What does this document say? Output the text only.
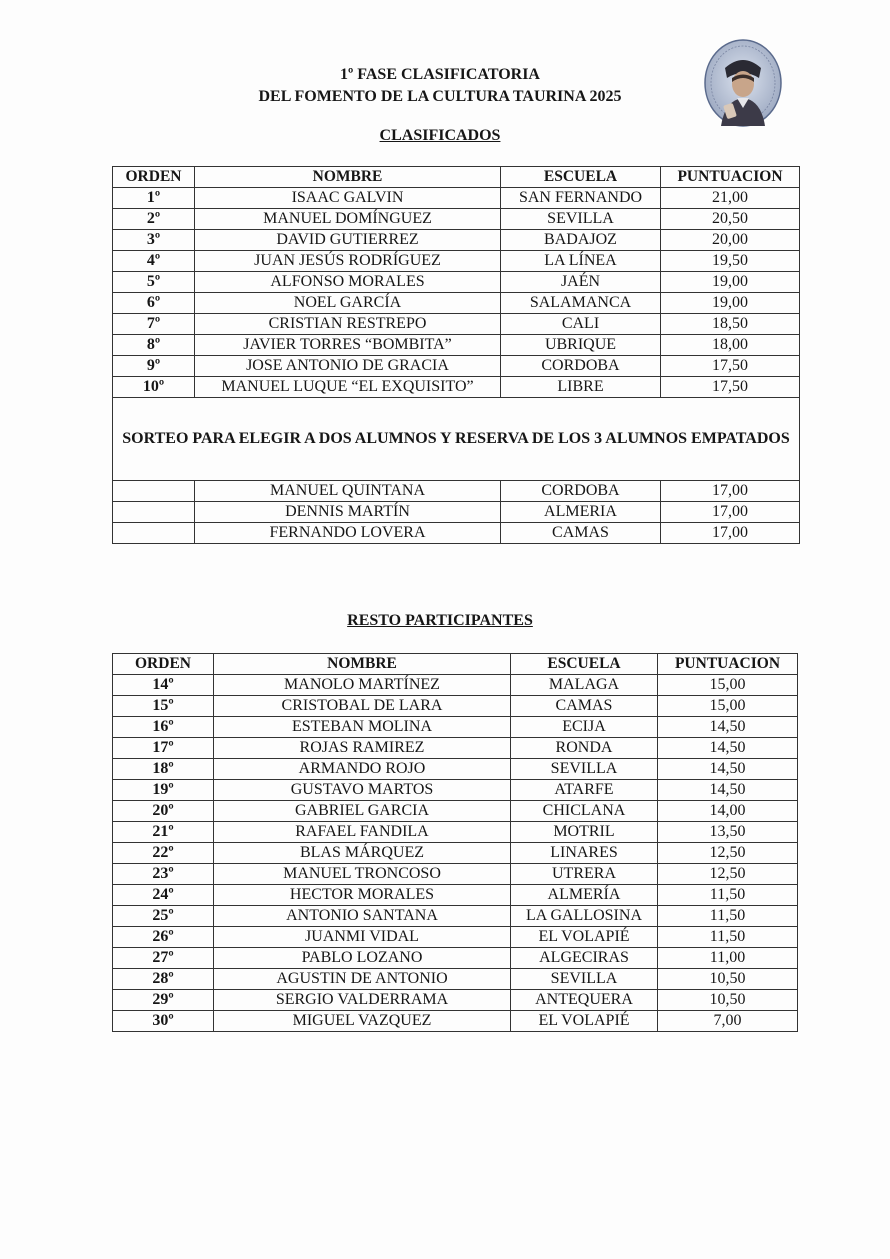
1º FASE CLASIFICATORIA
DEL FOMENTO DE LA CULTURA TAURINA 2025
CLASIFICADOS
ORDEN	NOMBRE	ESCUELA	PUNTUACION
1º	ISAAC GALVIN	SAN FERNANDO	21,00
2º	MANUEL DOMÍNGUEZ	SEVILLA	20,50
3º	DAVID GUTIERREZ	BADAJOZ	20,00
4º	JUAN JESÚS RODRÍGUEZ	LA LÍNEA	19,50
5º	ALFONSO MORALES	JAÉN	19,00
6º	NOEL GARCÍA	SALAMANCA	19,00
7º	CRISTIAN RESTREPO	CALI	18,50
8º	JAVIER TORRES “BOMBITA”	UBRIQUE	18,00
9º	JOSE ANTONIO DE GRACIA	CORDOBA	17,50
10º	MANUEL LUQUE “EL EXQUISITO”	LIBRE	17,50
SORTEO PARA ELEGIR A DOS ALUMNOS Y RESERVA DE LOS 3 ALUMNOS EMPATADOS			
	MANUEL QUINTANA	CORDOBA	17,00
	DENNIS MARTÍN	ALMERIA	17,00
	FERNANDO LOVERA	CAMAS	17,00
RESTO PARTICIPANTES
ORDEN	NOMBRE	ESCUELA	PUNTUACION
14º	MANOLO MARTÍNEZ	MALAGA	15,00
15º	CRISTOBAL DE LARA	CAMAS	15,00
16º	ESTEBAN MOLINA	ECIJA	14,50
17º	ROJAS RAMIREZ	RONDA	14,50
18º	ARMANDO ROJO	SEVILLA	14,50
19º	GUSTAVO MARTOS	ATARFE	14,50
20º	GABRIEL GARCIA	CHICLANA	14,00
21º	RAFAEL FANDILA	MOTRIL	13,50
22º	BLAS MÁRQUEZ	LINARES	12,50
23º	MANUEL TRONCOSO	UTRERA	12,50
24º	HECTOR MORALES	ALMERÍA	11,50
25º	ANTONIO SANTANA	LA GALLOSINA	11,50
26º	JUANMI VIDAL	EL VOLAPIÉ	11,50
27º	PABLO LOZANO	ALGECIRAS	11,00
28º	AGUSTIN DE ANTONIO	SEVILLA	10,50
29º	SERGIO VALDERRAMA	ANTEQUERA	10,50
30º	MIGUEL VAZQUEZ	EL VOLAPIÉ	7,00
